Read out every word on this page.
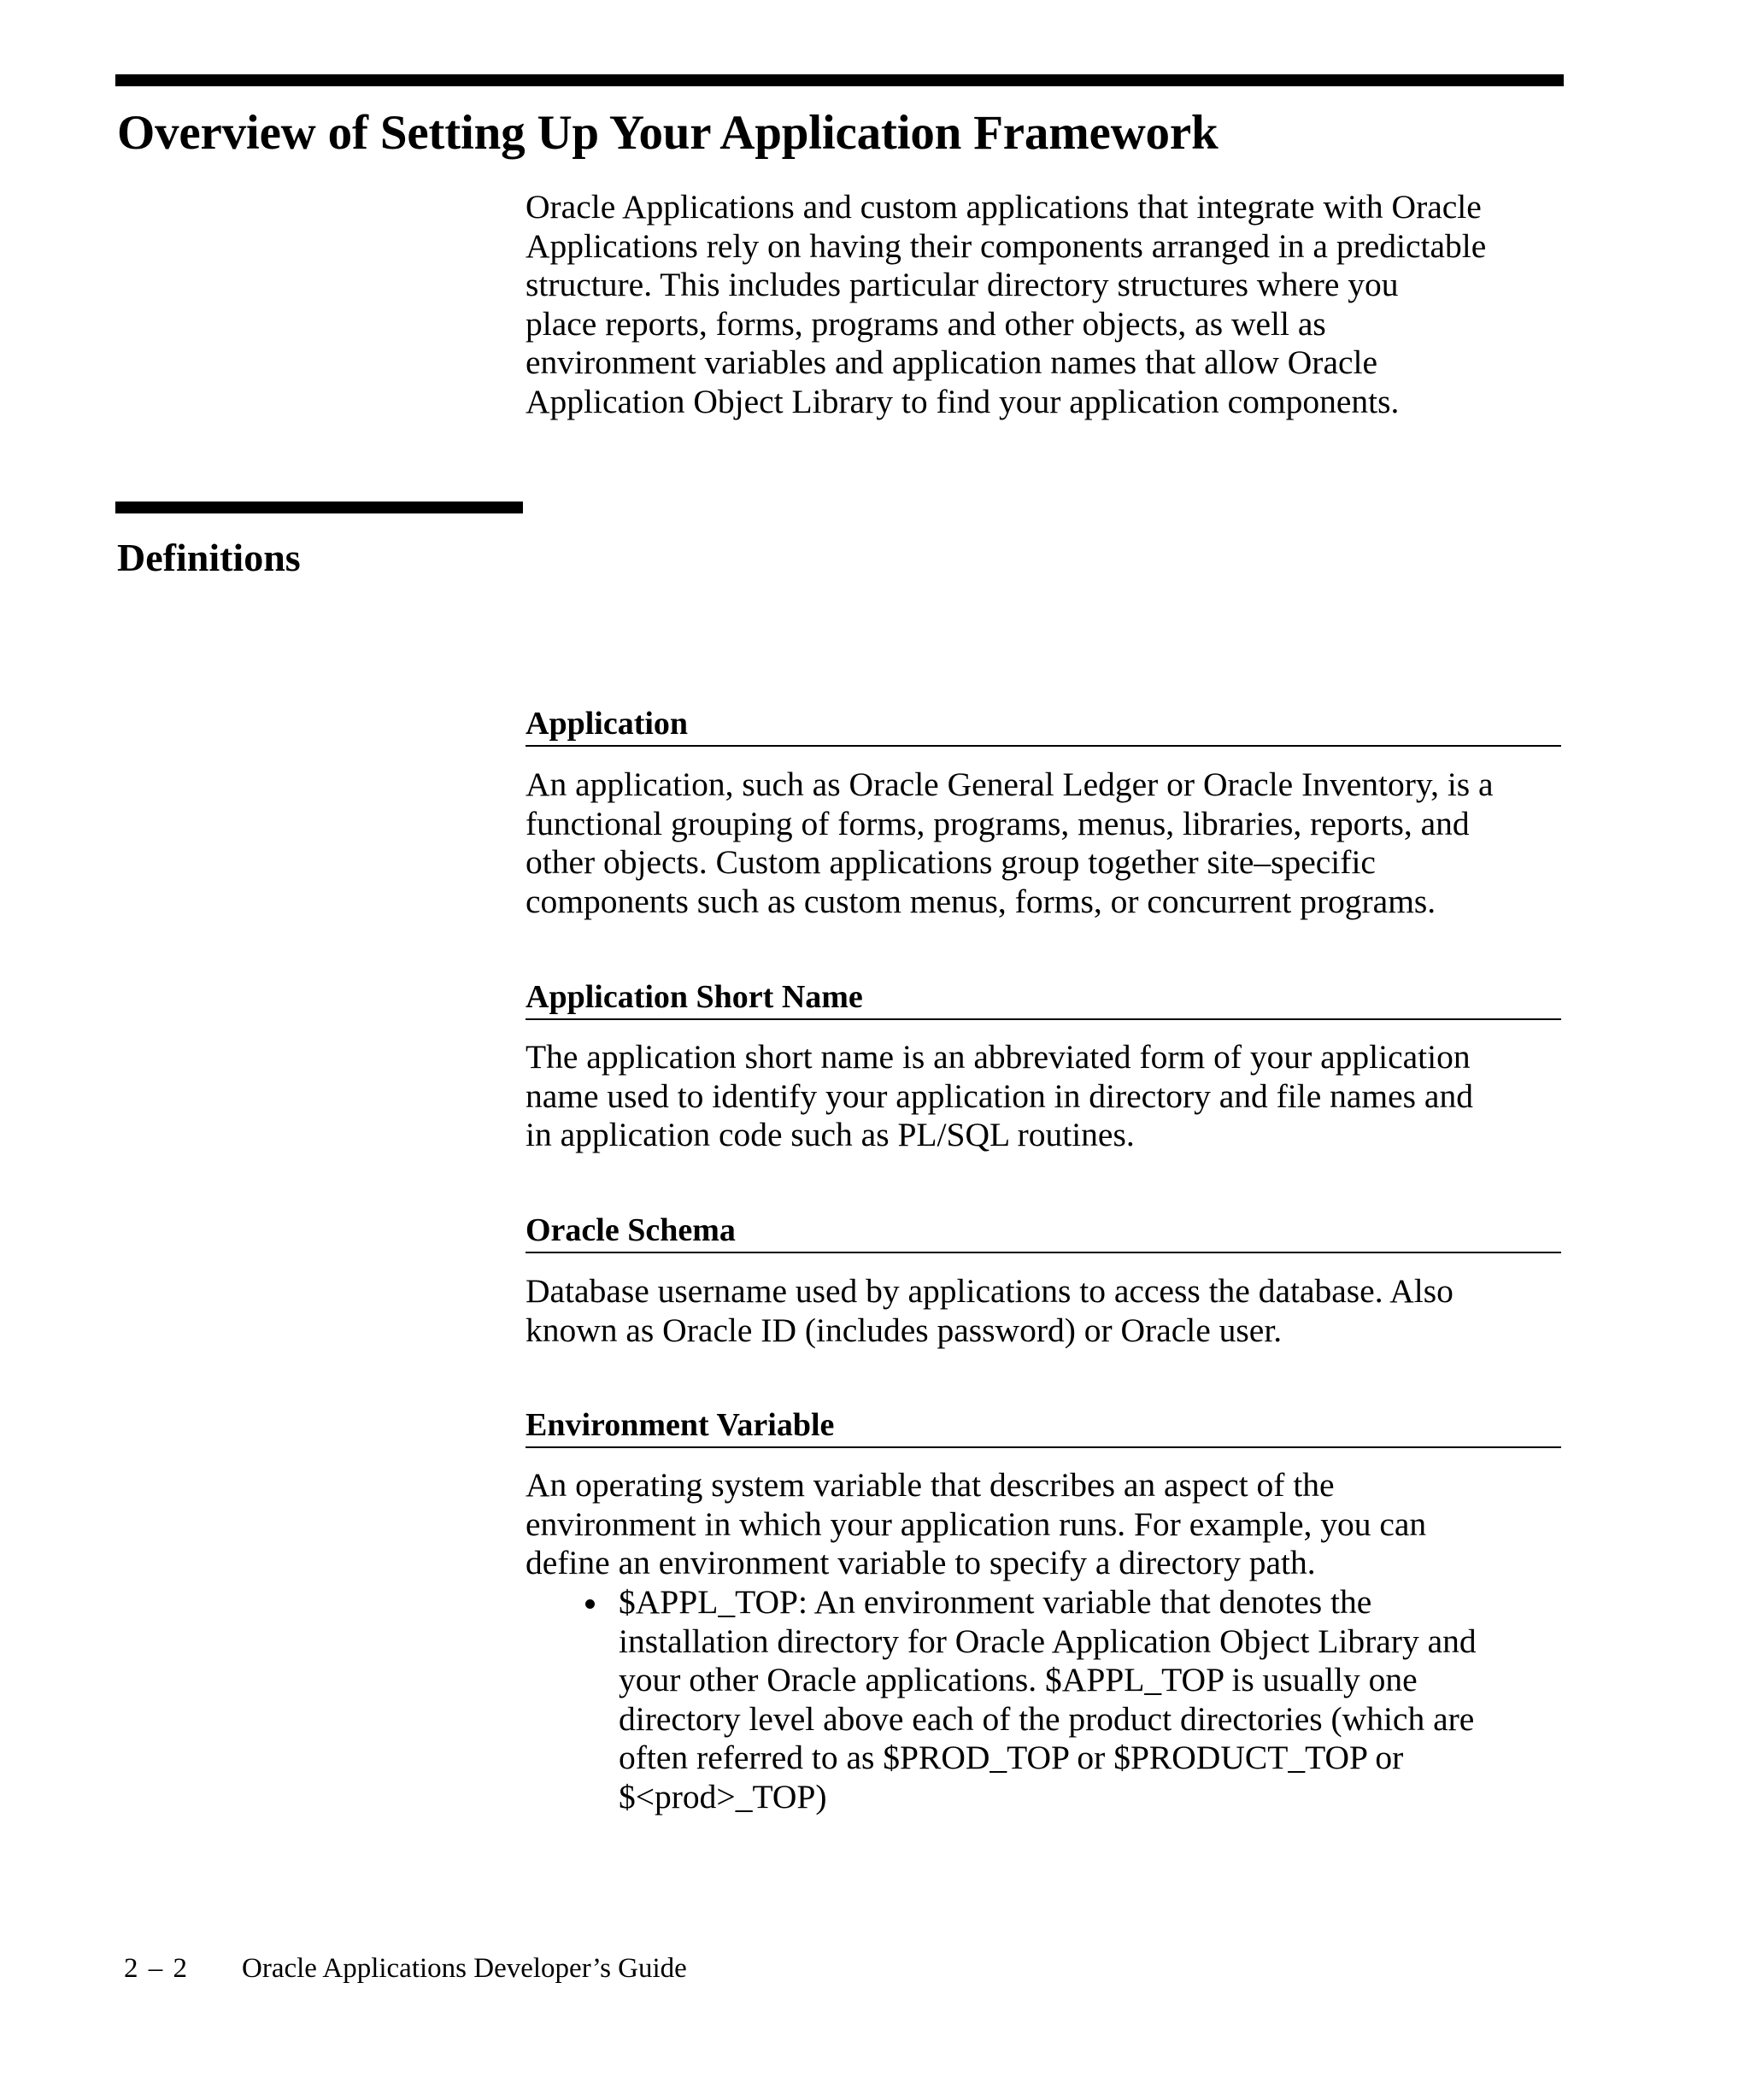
Overview of Setting Up Your Application Framework

Oracle Applications and custom applications that integrate with Oracle
Applications rely on having their components arranged in a predictable
structure. This includes particular directory structures where you
place reports, forms, programs and other objects, as well as
environment variables and application names that allow Oracle
Application Object Library to find your application components.

Definitions
Application

An application, such as Oracle General Ledger or Oracle Inventory, is a
functional grouping of forms, programs, menus, libraries, reports, and
other objects. Custom applications group together site–specific
components such as custom menus, forms, or concurrent programs.

Application Short Name

The application short name is an abbreviated form of your application
name used to identify your application in directory and file names and
in application code such as PL/SQL routines.

Oracle Schema

Database username used by applications to access the database. Also
known as Oracle ID (includes password) or Oracle user.

Environment Variable

An operating system variable that describes an aspect of the
environment in which your application runs. For example, you can
define an environment variable to specify a directory path.

$APPL_TOP: An environment variable that denotes the
installation directory for Oracle Application Object Library and
your other Oracle applications. $APPL_TOP is usually one
directory level above each of the product directories (which are
often referred to as $PROD_TOP or $PRODUCT_TOP or
$<prod>_TOP)
2 – 2 Oracle Applications Developer’s Guide
